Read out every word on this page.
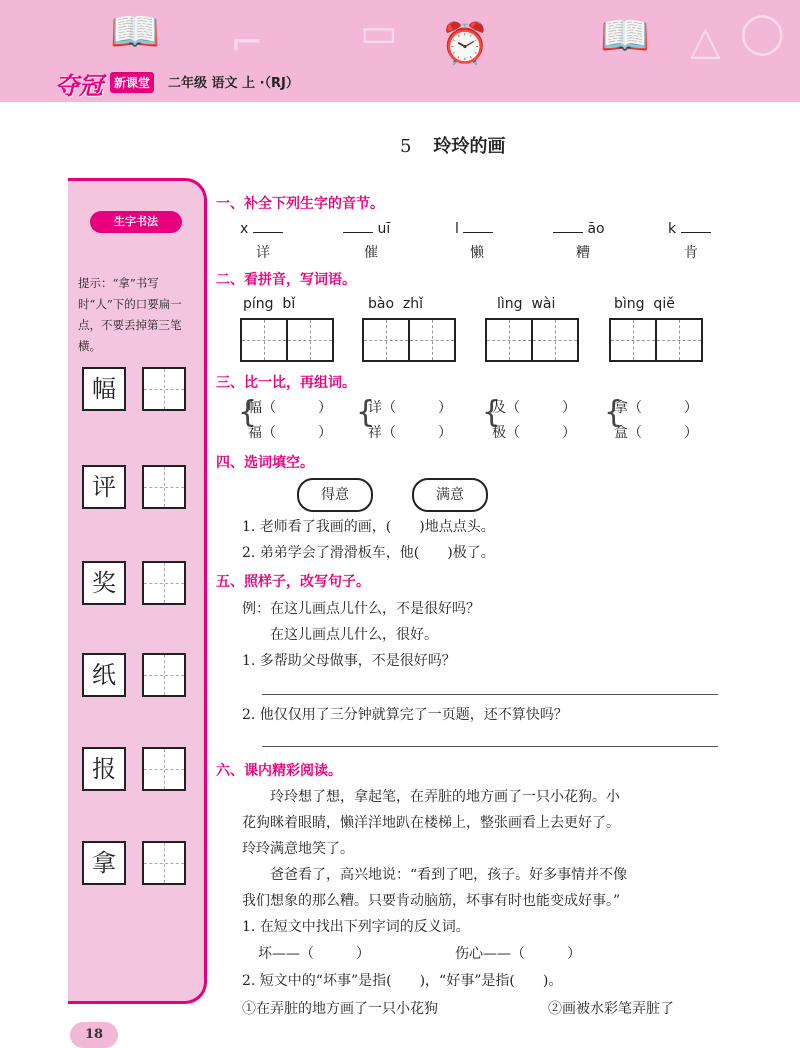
📖 ⌐ ▭ ⏰	📖 △ ◯
夺冠 新课堂	二年级 语文 上 ·（RJ）
5 玲玲的画
生字书法
提示：“拿”书写时“人”下的口要扁一点，不要丢掉第三笔横。
幅
评
奖
纸
报
拿
一、补全下列生字的音节。
x	uī	l	āo	k
详	催	懒	糟	肯
二、看拼音，写词语。
píng  bǐ	bào  zhǐ	lìng  wài	bìng  qiě
三、比一比，再组词。
{
幅（　　　）
福（　　　）
{
详（　　　）
祥（　　　）
{
及（　　　）
极（　　　）
{
拿（　　　）
盒（　　　）
四、选词填空。
得意	满意
1. 老师看了我画的画，(　　)地点点头。
2. 弟弟学会了滑滑板车，他(　　)极了。
五、照样子，改写句子。
例：在这儿画点儿什么，不是很好吗？
在这儿画点儿什么，很好。
1. 多帮助父母做事，不是很好吗？
2. 他仅仅用了三分钟就算完了一页题，还不算快吗？
六、课内精彩阅读。
玲玲想了想，拿起笔，在弄脏的地方画了一只小花狗。小
花狗眯着眼睛，懒洋洋地趴在楼梯上，整张画看上去更好了。
玲玲满意地笑了。
爸爸看了，高兴地说：“看到了吧，孩子。好多事情并不像
我们想象的那么糟。只要肯动脑筋，坏事有时也能变成好事。”
1. 在短文中找出下列字词的反义词。
坏——（　　　）	伤心——（　　　）
2. 短文中的“坏事”是指(　　)，“好事”是指(　　)。
①在弄脏的地方画了一只小花狗	②画被水彩笔弄脏了
18
